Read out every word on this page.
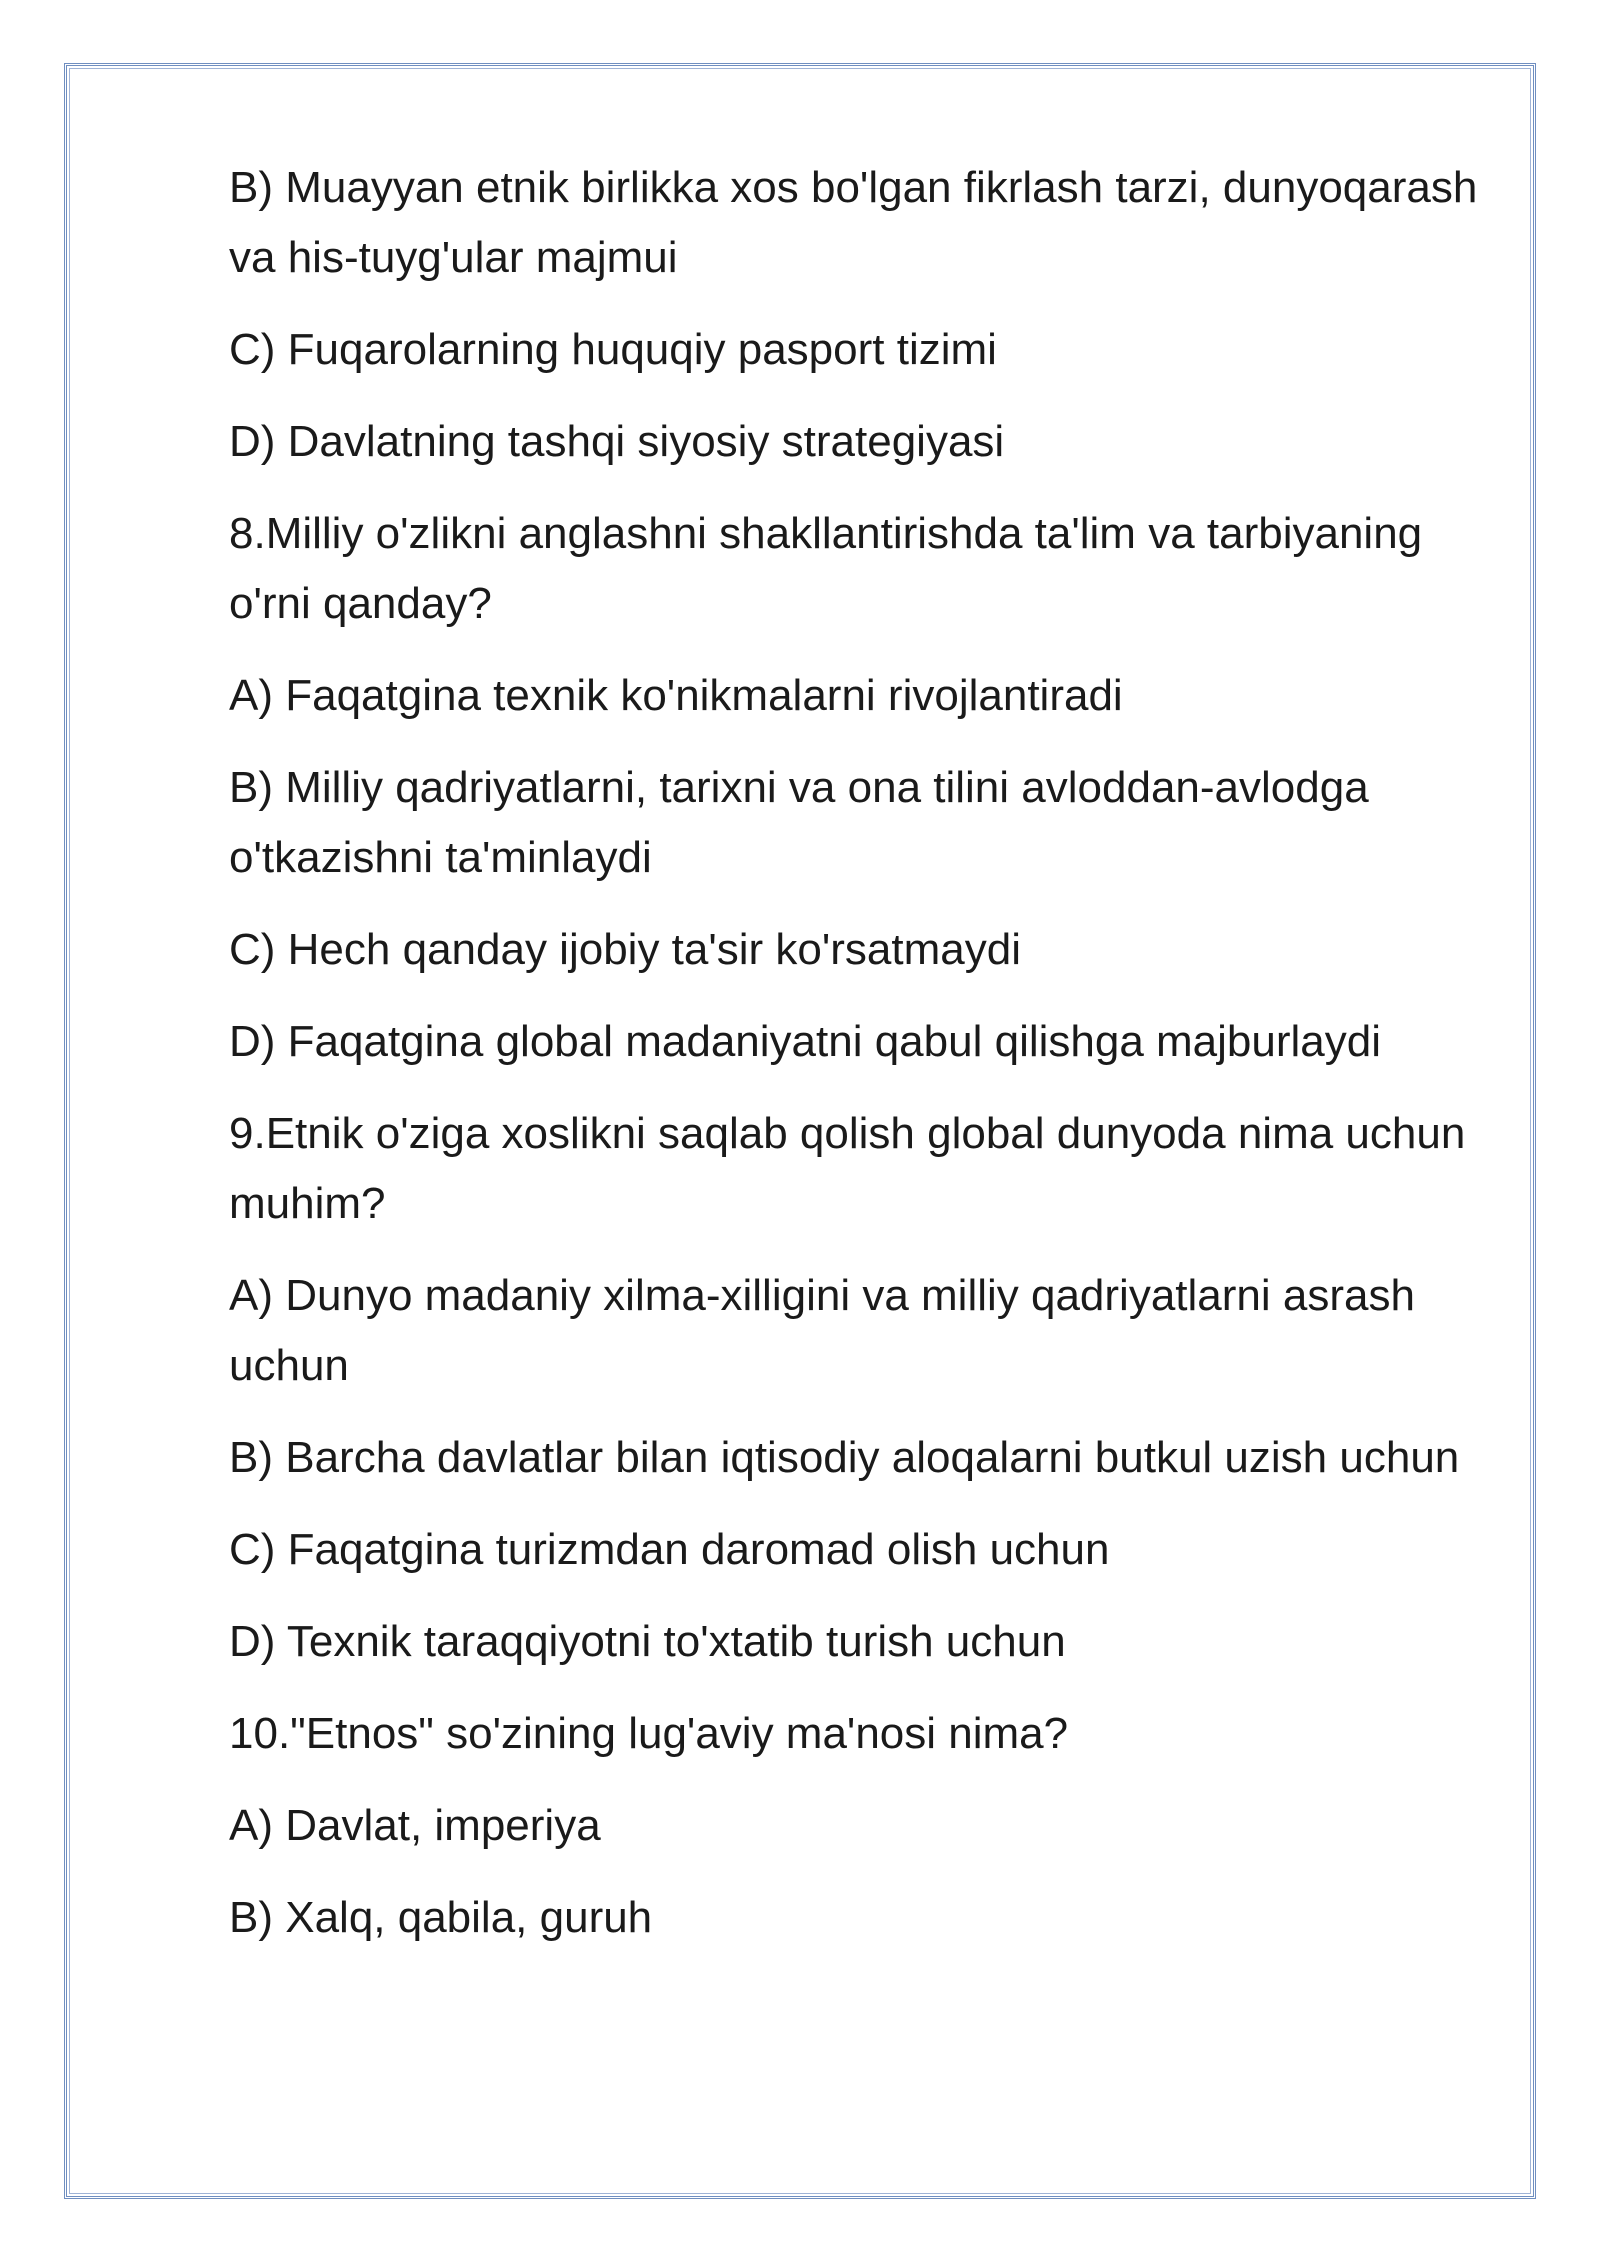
B) Muayyan etnik birlikka xos bo'lgan fikrlash tarzi, dunyoqarash va his-tuyg'ular majmui

C) Fuqarolarning huquqiy pasport tizimi

D) Davlatning tashqi siyosiy strategiyasi

8.Milliy o'zlikni anglashni shakllantirishda ta'lim va tarbiyaning o'rni qanday?

A) Faqatgina texnik ko'nikmalarni rivojlantiradi

B) Milliy qadriyatlarni, tarixni va ona tilini avloddan-avlodga o'tkazishni ta'minlaydi

C) Hech qanday ijobiy ta'sir ko'rsatmaydi

D) Faqatgina global madaniyatni qabul qilishga majburlaydi

9.Etnik o'ziga xoslikni saqlab qolish global dunyoda nima uchun muhim?

A) Dunyo madaniy xilma-xilligini va milliy qadriyatlarni asrash uchun

B) Barcha davlatlar bilan iqtisodiy aloqalarni butkul uzish uchun

C) Faqatgina turizmdan daromad olish uchun

D) Texnik taraqqiyotni to'xtatib turish uchun

10."Etnos" so'zining lug'aviy ma'nosi nima?

A) Davlat, imperiya

B) Xalq, qabila, guruh
